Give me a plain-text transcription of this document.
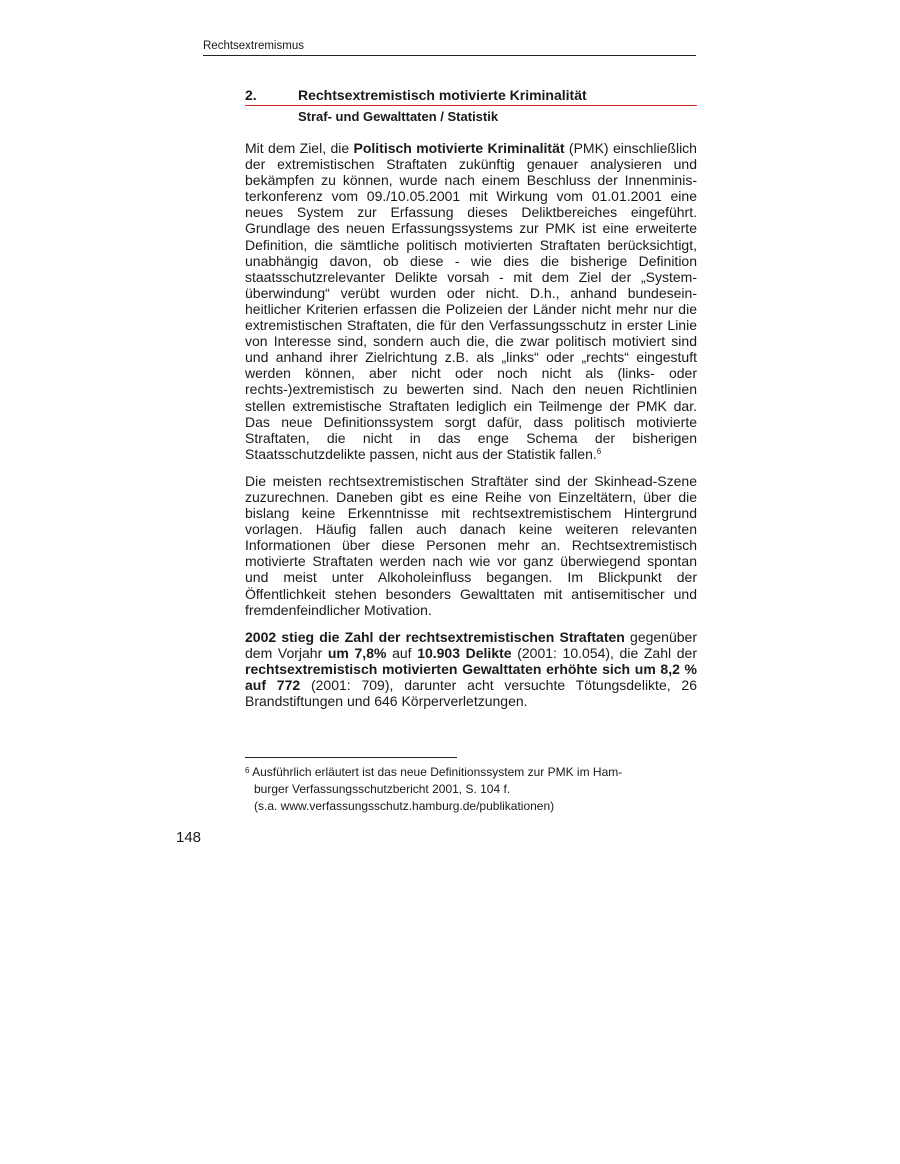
Rechtsextremismus
2.	Rechtsextremistisch motivierte Kriminalität
Straf- und Gewalttaten / Statistik

Mit dem Ziel, die Politisch motivierte Kriminalität (PMK) einschließlich der extremistischen Straftaten zukünftig genauer analysieren und bekämpfen zu können, wurde nach einem Beschluss der Innenministerkonferenz vom 09./10.05.2001 mit Wirkung vom 01.01.2001 eine neues System zur Erfassung dieses Deliktbereiches eingeführt. Grundlage des neuen Erfassungssystems zur PMK ist eine erweiterte Definition, die sämtliche politisch motivierten Straftaten berücksichtigt, unabhängig davon, ob diese - wie dies die bisherige Definition staatsschutzrelevanter Delikte vorsah - mit dem Ziel der „Systemüberwindung“ verübt wurden oder nicht. D.h., anhand bundeseinheitlicher Kriterien erfassen die Polizeien der Länder nicht mehr nur die extremistischen Straftaten, die für den Verfassungsschutz in erster Linie von Interesse sind, sondern auch die, die zwar politisch motiviert sind und anhand ihrer Zielrichtung z.B. als „links“ oder „rechts“ eingestuft werden können, aber nicht oder noch nicht als (links- oder rechts-)extremistisch zu bewerten sind. Nach den neuen Richtlinien stellen extremistische Straftaten lediglich ein Teilmenge der PMK dar. Das neue Definitionssystem sorgt dafür, dass politisch motivierte Straftaten, die nicht in das enge Schema der bisherigen Staatsschutzdelikte passen, nicht aus der Statistik fallen.$^6$

Die meisten rechtsextremistischen Straftäter sind der Skinhead-Szene zuzurechnen. Daneben gibt es eine Reihe von Einzeltätern, über die bislang keine Erkenntnisse mit rechtsextremistischem Hintergrund vorlagen. Häufig fallen auch danach keine weiteren relevanten Informationen über diese Personen mehr an. Rechtsextremistisch motivierte Straftaten werden nach wie vor ganz überwiegend spontan und meist unter Alkoholeinfluss begangen. Im Blickpunkt der Öffentlichkeit stehen besonders Gewalttaten mit antisemitischer und fremdenfeindlicher Motivation.

2002 stieg die Zahl der rechtsextremistischen Straftaten gegenüber dem Vorjahr um 7,8% auf 10.903 Delikte (2001: 10.054), die Zahl der rechtsextremistisch motivierten Gewalttaten erhöhte sich um 8,2 % auf 772 (2001: 709), darunter acht versuchte Tötungsdelikte, 26 Brandstiftungen und 646 Körperverletzungen.

$^6$ Ausführlich erläutert ist das neue Definitionssystem zur PMK im Ham-
burger Verfassungsschutzbericht 2001, S. 104 f.
(s.a. www.verfassungsschutz.hamburg.de/publikationen)
148
